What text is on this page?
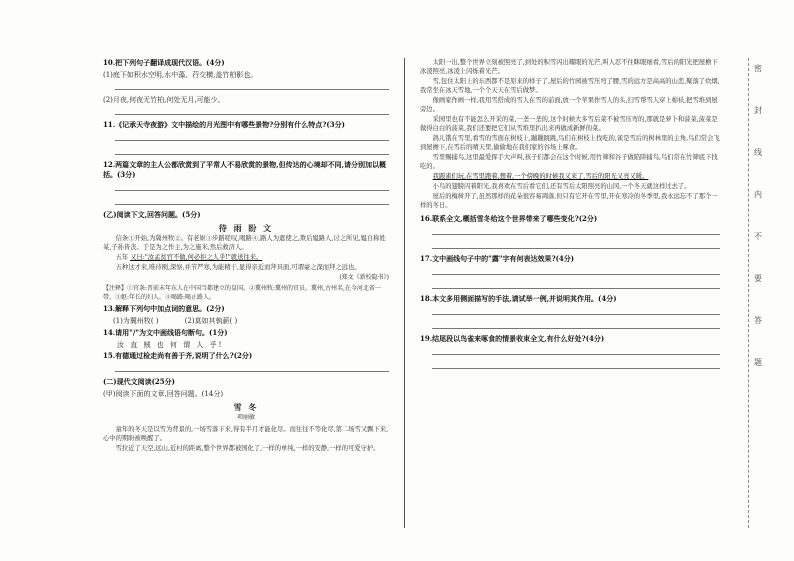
密
封
线
内
不
要
答
题
10.把下列句子翻译成现代汉语。(4分)
(1)庭下如积水空明,水中藻、荇交横,盖竹柏影也。
(2)月夜,何夜无竹柏,何处无月,可能少。
11.《记承天寺夜游》文中描绘的月光图中有哪些景物?分别有什么特点?(3分)
12.两篇文章的主人公都欣赏到了平常人不易欣赏的景物,但传达的心境却不同,请分别加以概括。(3分)
(乙)阅读下文,回答问题。(5分)
待 雨 盼 文
信条①开始,为冀州牧②。有老妪③步路嗟叹,喝路④,路人为遮使之,欺后媪路人,讨之所见,媪自称姓某,子孙皆丧。于是为之作主,为之施米,然后救济人。
五年 又曰:"汝孟贫官不做,何必拒之人乎!"就送往来。
五种这才来,唯待刚,深察,并节严寒,为能精干,显得亲近而拜具面,可谓豪之深而拜之远也。
(郑文《新校隐书》)
【注释】①官条:晋前末年东人在中国当都建立的皇国。②冀州牧:冀州的官员。冀州,古州名,在今河北省一带。③妪:年长的妇人。④喝路:喝止路人。
13.解释下列句中加点词的意思。(2分)
(1)为冀州牧( )	(2)莫如其執薪( )
14.请用"/"为文中画线语句断句。(1分)
汝 直 贼 也 何 谓 人 乎!
15.有德通过检走尚有善于齐,说明了什么?(2分)
(二)现代文阅读(25分)
(甲)阅读下面的文章,回答问题。(14分)
雪 冬
项丽敏
童年的冬天是以雪为背景的,一场雪落下来,得有半月才能化尽。而往往不等化尽,第二场雪又飘下来,心中的期盼被唤醒了。
雪拉近了天空,远山,近村的距离,整个世界都被国化了,一样的单纯,一样的安静,一样的可爱守护。
太阳一出,整个世界立刻被照亮了,到处的积雪闪出耀眼的光芒,叫人忍不住眯眼细看,雪后的阳光把屋檐下冰凌照亮,冰凌上闪烁着光芒。
雪,包住太阳上的东西都不是原来的样子了,屋后的竹园被雪压弯了腰,雪的远方是高高的山峦,聚落了炊烟,我常坐在冰天雪地,一个个天天在雪后做梦。
像画家作画一样,我用雪搭成的雪人在雪的前面,放一个苹果作雪人的头,扫雪帮雪人穿上棉袄,把雪堆到屋旁边。
采园里也有不能怎么开采的菜,一垄一垄的,这个时候大多雪后菜不被雪压弯的,那就是萝卜和菠菜,菠菜是做得白白的菠菜,我们还要把它们从雪堆里扒出来再做成新鲜的菜。
鸽儿饿在雪里,看雪的雪面在树枝上,蹦蹦跳跳,鸟们在树枝上找吃的,雀是雪后的树林里的主角,鸟们常会飞到屋檐下,在雪后的晴天里,偷偷地在我们家的谷场上啄食。
雪里赐捕鸟,这里最爱挥手大声叫,孩子们都会在这个时候,用竹筛和谷子做陷阱捕鸟,鸟们常在竹筛底下找吃的。
我跟雀们玩,在雪里跑着,想着,一个傍晚的时候我又来了,雪后的阳光又亮又暖。
小鸟的翅膀闪着阳光,我喜欢在雪后看它们,还有雪后太阳照亮的山冈,一个冬天就这样过去了。
屋后的梅树开了,虽然那样的花朵很容易凋落,但只有它开在雪里,开在寒冷的冬季里,我永远忘不了那个一样的冬日。
16.联系全文,概括雪冬给这个世界带来了哪些变化?(2分)
17.文中画线句子中的"露"字有何表达效果?(4分)
18.本文多用侧面描写的手法,请试举一例,并说明其作用。(4分)
19.结尾段以鸟雀来啄食的情景收束全文,有什么好处?(4分)
